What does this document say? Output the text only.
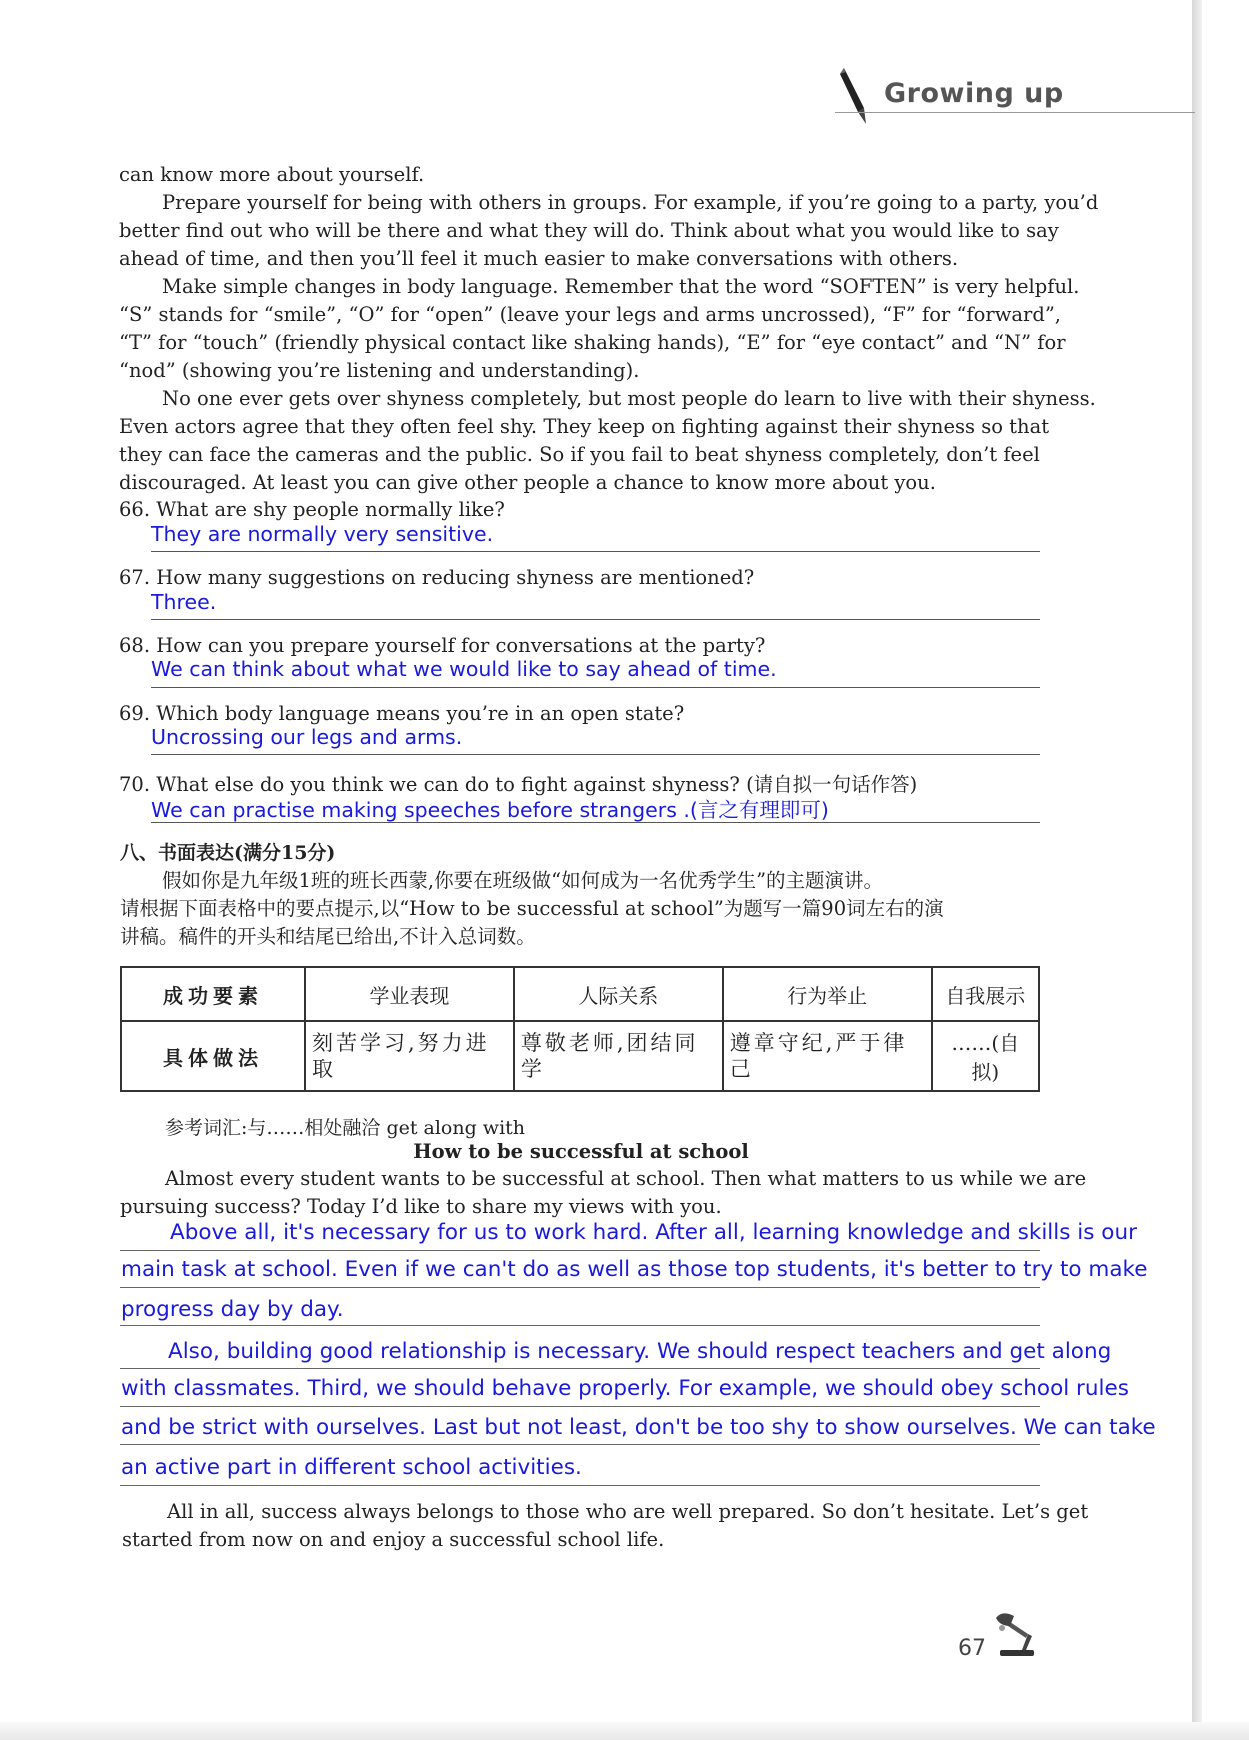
Growing up

can know more about yourself.

Prepare yourself for being with others in groups. For example, if you’re going to a party, you’d

better find out who will be there and what they will do. Think about what you would like to say

ahead of time, and then you’ll feel it much easier to make conversations with others.

Make simple changes in body language. Remember that the word “SOFTEN” is very helpful.

“S” stands for “smile”, “O” for “open” (leave your legs and arms uncrossed), “F” for “forward”,

“T” for “touch” (friendly physical contact like shaking hands), “E” for “eye contact” and “N” for

“nod” (showing you’re listening and understanding).

No one ever gets over shyness completely, but most people do learn to live with their shyness.

Even actors agree that they often feel shy. They keep on fighting against their shyness so that

they can face the cameras and the public. So if you fail to beat shyness completely, don’t feel

discouraged. At least you can give other people a chance to know more about you.

66. What are shy people normally like?
They are normally very sensitive.
67. How many suggestions on reducing shyness are mentioned?
Three.
68. How can you prepare yourself for conversations at the party?
We can think about what we would like to say ahead of time.
69. Which body language means you’re in an open state?
Uncrossing our legs and arms.
70. What else do you think we can do to fight against shyness? (请自拟一句话作答)
We can practise making speeches before strangers .(言之有理即可)
八、书面表达(满分15分)
假如你是九年级1班的班长西蒙,你要在班级做“如何成为一名优秀学生”的主题演讲。
请根据下面表格中的要点提示,以“How to be successful at school”为题写一篇90词左右的演
讲稿。稿件的开头和结尾已给出,不计入总词数。
成功要素	学业表现	人际关系	行为举止	自我展示
具体做法	刻苦学习,努力进取	尊敬老师,团结同学	遵章守纪,严于律己	……(自拟)
参考词汇:与……相处融洽 get along with
How to be successful at school
Almost every student wants to be successful at school. Then what matters to us while we are
pursuing success? Today I’d like to share my views with you.
Above all, it's necessary for us to work hard. After all, learning knowledge and skills is our
main task at school. Even if we can't do as well as those top students, it's better to try to make
progress day by day.
Also, building good relationship is necessary. We should respect teachers and get along
with classmates. Third, we should behave properly. For example, we should obey school rules
and be strict with ourselves. Last but not least, don't be too shy to show ourselves. We can take
an active part in different school activities.
All in all, success always belongs to those who are well prepared. So don’t hesitate. Let’s get
started from now on and enjoy a successful school life.
67
